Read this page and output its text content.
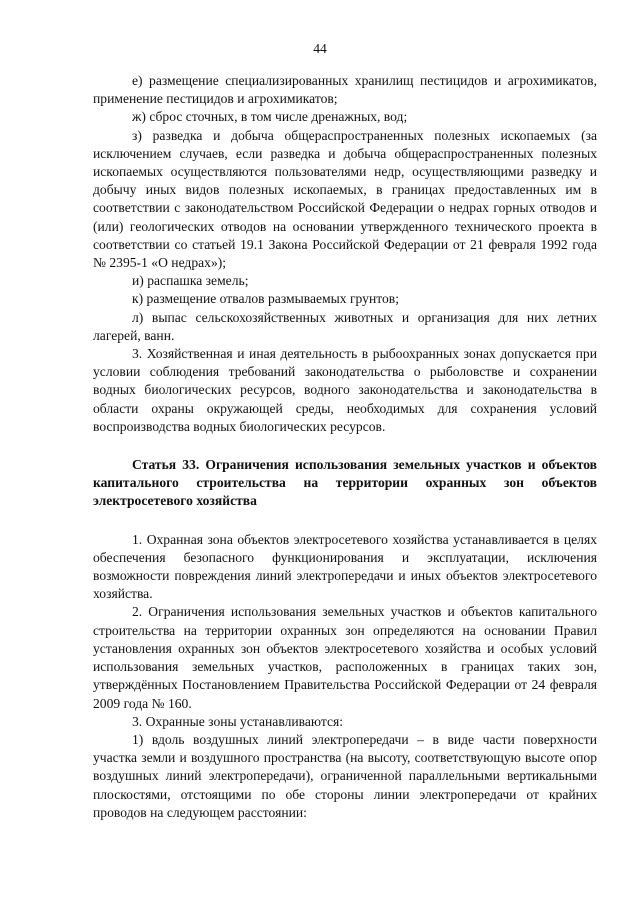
44

е) размещение специализированных хранилищ пестицидов и агрохимикатов, применение пестицидов и агрохимикатов;

ж) сброс сточных, в том числе дренажных, вод;

з) разведка и добыча общераспространенных полезных ископаемых (за исключением случаев, если разведка и добыча общераспространенных полезных ископаемых осуществляются пользователями недр, осуществляющими разведку и добычу иных видов полезных ископаемых, в границах предоставленных им в соответствии с законодательством Российской Федерации о недрах горных отводов и (или) геологических отводов на основании утвержденного технического проекта в соответствии со статьей 19.1 Закона Российской Федерации от 21 февраля 1992 года № 2395-1 «О недрах»);

и) распашка земель;

к) размещение отвалов размываемых грунтов;

л) выпас сельскохозяйственных животных и организация для них летних лагерей, ванн.

3. Хозяйственная и иная деятельность в рыбоохранных зонах допускается при условии соблюдения требований законодательства о рыболовстве и сохранении водных биологических ресурсов, водного законодательства и законодательства в области охраны окружающей среды, необходимых для сохранения условий воспроизводства водных биологических ресурсов.

Статья 33. Ограничения использования земельных участков и объектов капитального строительства на территории охранных зон объектов электросетевого хозяйства

1. Охранная зона объектов электросетевого хозяйства устанавливается в целях обеспечения безопасного функционирования и эксплуатации, исключения возможности повреждения линий электропередачи и иных объектов электросетевого хозяйства.

2. Ограничения использования земельных участков и объектов капитального строительства на территории охранных зон определяются на основании Правил установления охранных зон объектов электросетевого хозяйства и особых условий использования земельных участков, расположенных в границах таких зон, утверждённых Постановлением Правительства Российской Федерации от 24 февраля 2009 года № 160.

3. Охранные зоны устанавливаются:

1) вдоль воздушных линий электропередачи – в виде части поверхности участка земли и воздушного пространства (на высоту, соответствующую высоте опор воздушных линий электропередачи), ограниченной параллельными вертикальными плоскостями, отстоящими по обе стороны линии электропередачи от крайних проводов на следующем расстоянии:
